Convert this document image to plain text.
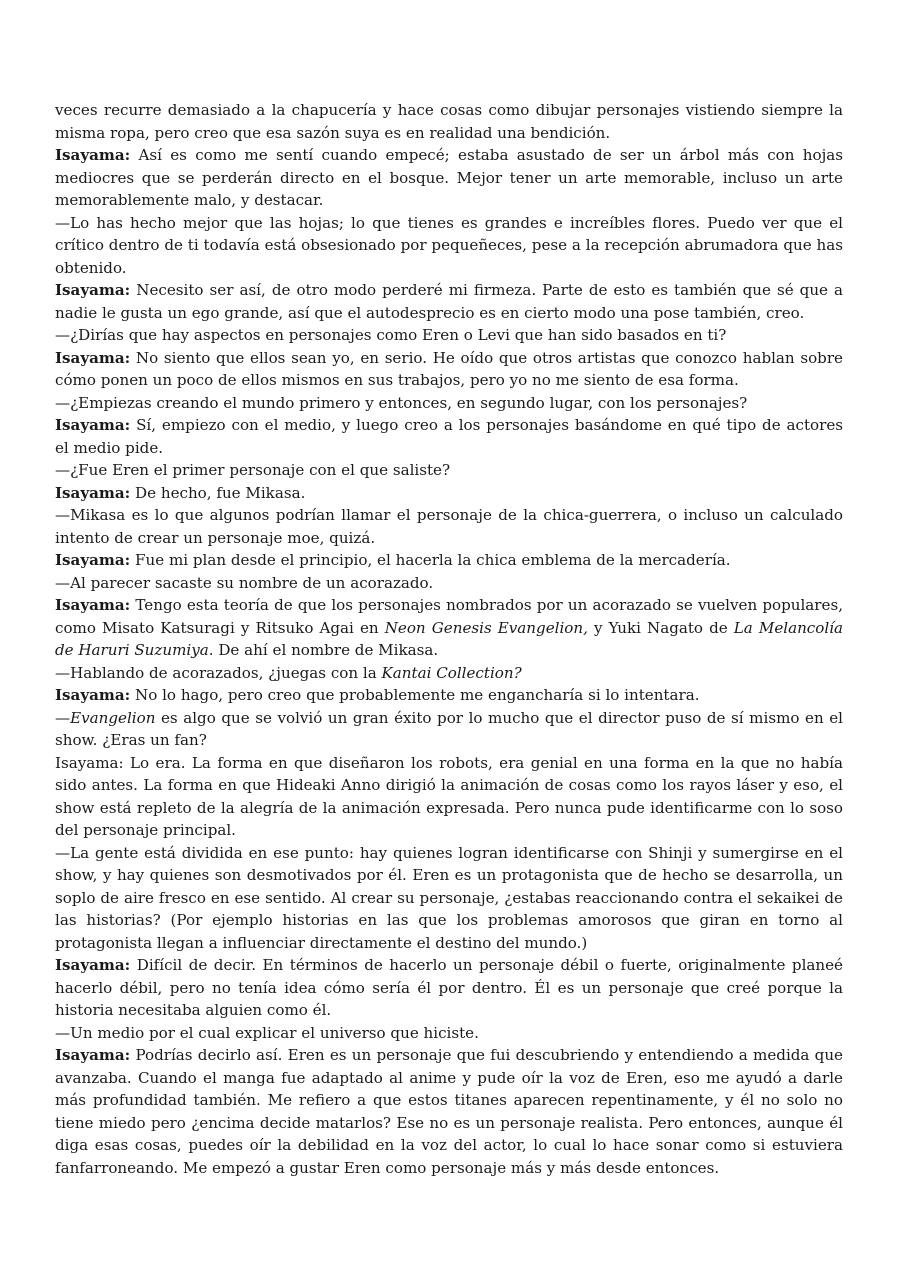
veces recurre demasiado a la chapucería y hace cosas como dibujar personajes vistiendo siempre la misma ropa, pero creo que esa sazón suya es en realidad una bendición.

Isayama: Así es como me sentí cuando empecé; estaba asustado de ser un árbol más con hojas mediocres que se perderán directo en el bosque. Mejor tener un arte memorable, incluso un arte memorablemente malo, y destacar.

—Lo has hecho mejor que las hojas; lo que tienes es grandes e increíbles flores. Puedo ver que el crítico dentro de ti todavía está obsesionado por pequeñeces, pese a la recepción abrumadora que has obtenido.

Isayama: Necesito ser así, de otro modo perderé mi firmeza. Parte de esto es también que sé que a nadie le gusta un ego grande, así que el autodesprecio es en cierto modo una pose también, creo.

—¿Dirías que hay aspectos en personajes como Eren o Levi que han sido basados en ti?

Isayama: No siento que ellos sean yo, en serio. He oído que otros artistas que conozco hablan sobre cómo ponen un poco de ellos mismos en sus trabajos, pero yo no me siento de esa forma.

—¿Empiezas creando el mundo primero y entonces, en segundo lugar, con los personajes?

Isayama: Sí, empiezo con el medio, y luego creo a los personajes basándome en qué tipo de actores el medio pide.

—¿Fue Eren el primer personaje con el que saliste?

Isayama: De hecho, fue Mikasa.

—Mikasa es lo que algunos podrían llamar el personaje de la chica-guerrera, o incluso un calculado intento de crear un personaje moe, quizá.

Isayama: Fue mi plan desde el principio, el hacerla la chica emblema de la mercadería.

—Al parecer sacaste su nombre de un acorazado.

Isayama: Tengo esta teoría de que los personajes nombrados por un acorazado se vuelven populares, como Misato Katsuragi y Ritsuko Agai en Neon Genesis Evangelion, y Yuki Nagato de La Melancolía de Haruri Suzumiya. De ahí el nombre de Mikasa.

—Hablando de acorazados, ¿juegas con la Kantai Collection?

Isayama: No lo hago, pero creo que probablemente me engancharía si lo intentara.

—Evangelion es algo que se volvió un gran éxito por lo mucho que el director puso de sí mismo en el show. ¿Eras un fan?

Isayama: Lo era. La forma en que diseñaron los robots, era genial en una forma en la que no había sido antes. La forma en que Hideaki Anno dirigió la animación de cosas como los rayos láser y eso, el show está repleto de la alegría de la animación expresada. Pero nunca pude identificarme con lo soso del personaje principal.

—La gente está dividida en ese punto: hay quienes logran identificarse con Shinji y sumergirse en el show, y hay quienes son desmotivados por él. Eren es un protagonista que de hecho se desarrolla, un soplo de aire fresco en ese sentido. Al crear su personaje, ¿estabas reaccionando contra el sekaikei de las historias? (Por ejemplo historias en las que los problemas amorosos que giran en torno al protagonista llegan a influenciar directamente el destino del mundo.)

Isayama: Difícil de decir. En términos de hacerlo un personaje débil o fuerte, originalmente planeé hacerlo débil, pero no tenía idea cómo sería él por dentro. Él es un personaje que creé porque la historia necesitaba alguien como él.

—Un medio por el cual explicar el universo que hiciste.

Isayama: Podrías decirlo así. Eren es un personaje que fui descubriendo y entendiendo a medida que avanzaba. Cuando el manga fue adaptado al anime y pude oír la voz de Eren, eso me ayudó a darle más profundidad también. Me refiero a que estos titanes aparecen repentinamente, y él no solo no tiene miedo pero ¿encima decide matarlos? Ese no es un personaje realista. Pero entonces, aunque él diga esas cosas, puedes oír la debilidad en la voz del actor, lo cual lo hace sonar como si estuviera fanfarroneando. Me empezó a gustar Eren como personaje más y más desde entonces.
